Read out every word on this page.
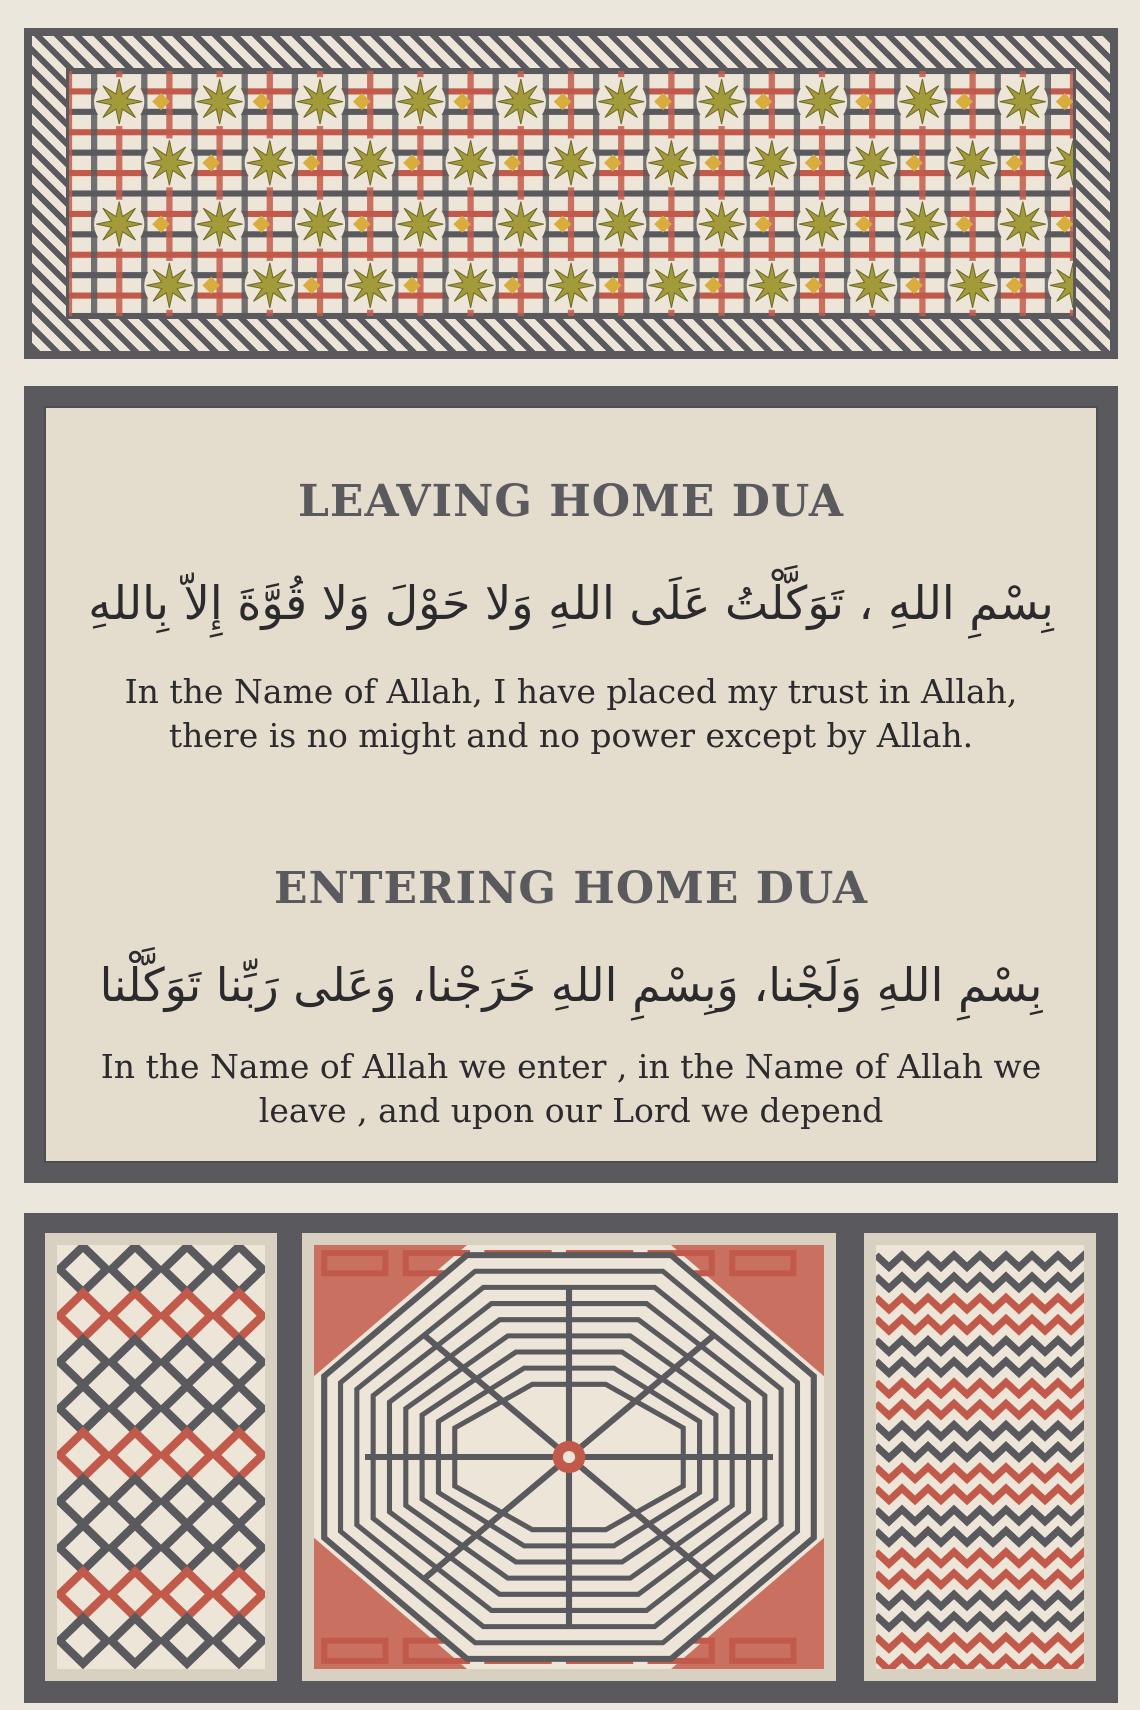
LEAVING HOME DUA
بِسْمِ اللهِ ، تَوَكَّلْتُ عَلَى اللهِ وَلا حَوْلَ وَلا قُوَّةَ إِلاّ بِاللهِ
In the Name of Allah, I have placed my trust in Allah,
there is no might and no power except by Allah.
ENTERING HOME DUA
بِسْمِ اللهِ وَلَجْنا، وَبِسْمِ اللهِ خَرَجْنا، وَعَلى رَبِّنا تَوَكَّلْنا
In the Name of Allah we enter , in the Name of Allah we
leave , and upon our Lord we depend
